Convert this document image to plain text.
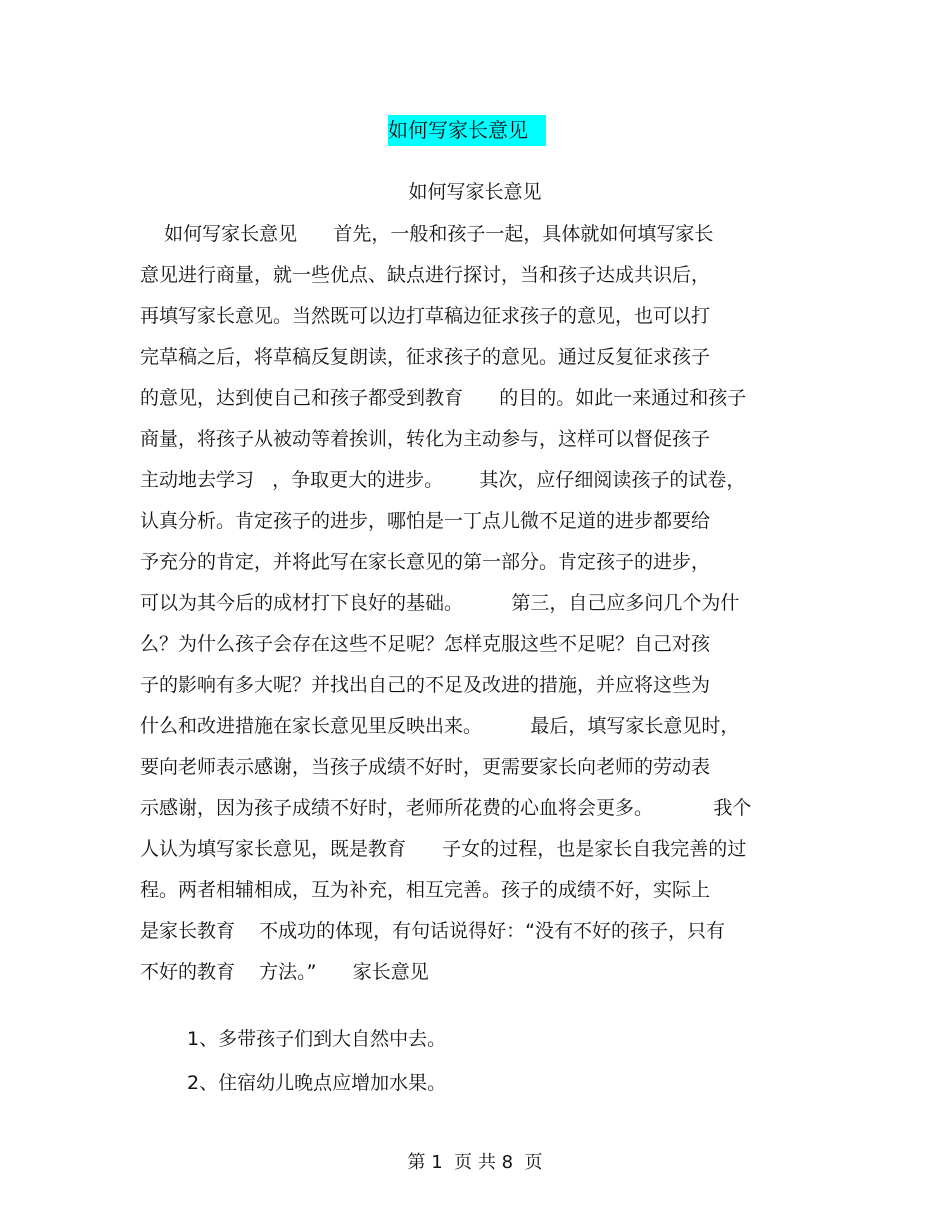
如何写家长意见
如何写家长意见
如何写家长意见      首先，一般和孩子一起，具体就如何填写家长
意见进行商量，就一些优点、缺点进行探讨，当和孩子达成共识后，
再填写家长意见。当然既可以边打草稿边征求孩子的意见，也可以打
完草稿之后，将草稿反复朗读，征求孩子的意见。通过反复征求孩子
的意见，达到使自己和孩子都受到教育      的目的。如此一来通过和孩子
商量，将孩子从被动等着挨训，转化为主动参与，这样可以督促孩子
主动地去学习   ，争取更大的进步。      其次，应仔细阅读孩子的试卷，
认真分析。肯定孩子的进步，哪怕是一丁点儿微不足道的进步都要给
予充分的肯定，并将此写在家长意见的第一部分。肯定孩子的进步，
可以为其今后的成材打下良好的基础。        第三，自己应多问几个为什
么？为什么孩子会存在这些不足呢？怎样克服这些不足呢？自己对孩
子的影响有多大呢？并找出自己的不足及改进的措施，并应将这些为
什么和改进措施在家长意见里反映出来。        最后，填写家长意见时，
要向老师表示感谢，当孩子成绩不好时，更需要家长向老师的劳动表
示感谢，因为孩子成绩不好时，老师所花费的心血将会更多。          我个
人认为填写家长意见，既是教育      子女的过程，也是家长自我完善的过
程。两者相辅相成，互为补充，相互完善。孩子的成绩不好，实际上
是家长教育    不成功的体现，有句话说得好：“没有不好的孩子，只有
不好的教育    方法。”      家长意见
1、多带孩子们到大自然中去。
2、住宿幼儿晚点应增加水果。
第 1  页 共 8  页
